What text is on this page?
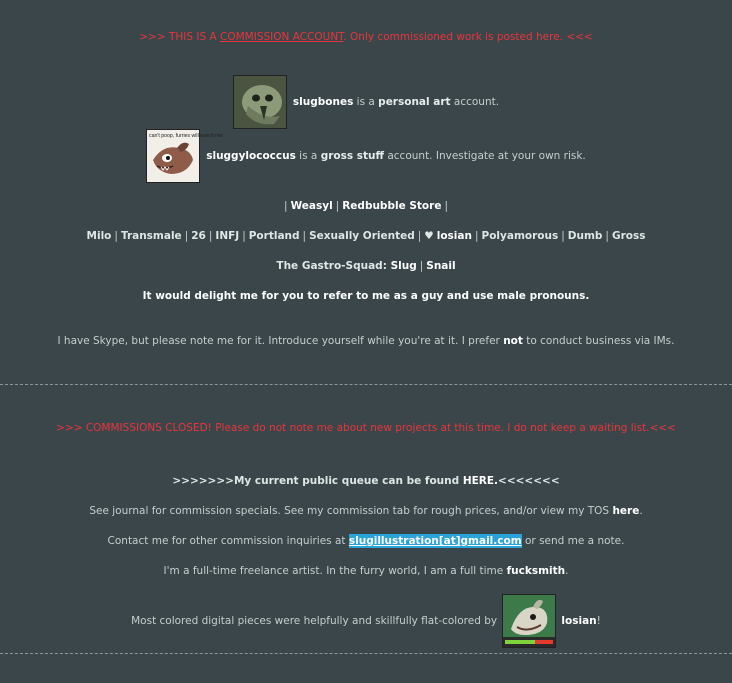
>>> THIS IS A COMMISSION ACCOUNT. Only commissioned work is posted here. <<<
slugbones is a personal art account.
can't poop, furries will watch me
sluggylococcus is a gross stuff account. Investigate at your own risk.
| Weasyl | Redbubble Store |
Milo | Transmale | 26 | INFJ | Portland | Sexually Oriented | ♥ losian | Polyamorous | Dumb | Gross
The Gastro-Squad: Slug | Snail
It would delight me for you to refer to me as a guy and use male pronouns.
I have Skype, but please note me for it. Introduce yourself while you're at it. I prefer not to conduct business via IMs.
>>> COMMISSIONS CLOSED! Please do not note me about new projects at this time. I do not keep a waiting list.<<<
>>>>>>>My current public queue can be found HERE.<<<<<<<
See journal for commission specials. See my commission tab for rough prices, and/or view my TOS here.
Contact me for other commission inquiries at slugillustration[at]gmail.com or send me a note.
I'm a full-time freelance artist. In the furry world, I am a full time fucksmith.
Most colored digital pieces were helpfully and skillfully flat-colored by	losian!
